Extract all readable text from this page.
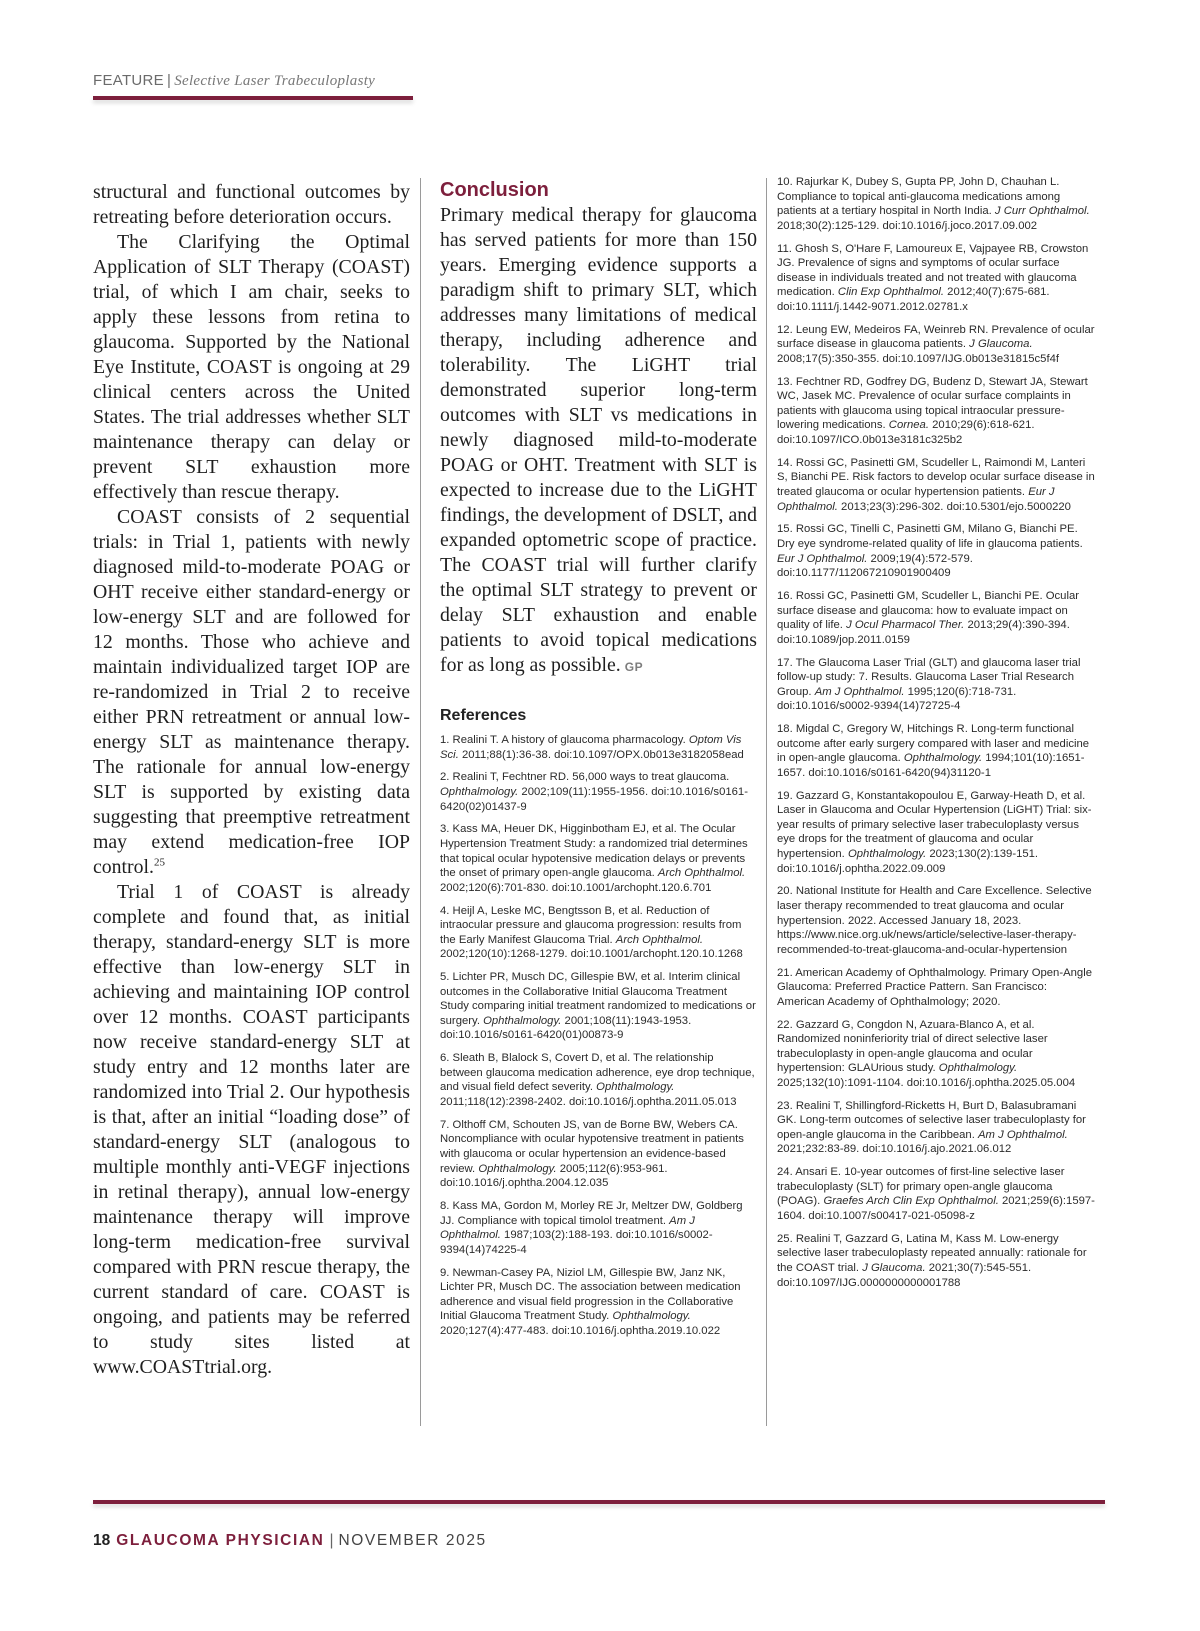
FEATURE | Selective Laser Trabeculoplasty

structural and functional outcomes by retreating before deterioration occurs.

The Clarifying the Optimal Application of SLT Therapy (COAST) trial, of which I am chair, seeks to apply these lessons from retina to glaucoma. Supported by the National Eye Institute, COAST is ongoing at 29 clinical centers across the United States. The trial addresses whether SLT maintenance therapy can delay or prevent SLT exhaustion more effectively than rescue therapy.

COAST consists of 2 sequential trials: in Trial 1, patients with newly diagnosed mild-to-moderate POAG or OHT receive either standard-energy or low-energy SLT and are followed for 12 months. Those who achieve and maintain individualized target IOP are re-randomized in Trial 2 to receive either PRN retreatment or annual low-energy SLT as maintenance therapy. The rationale for annual low-energy SLT is supported by existing data suggesting that preemptive retreatment may extend medication-free IOP control.$^{25}$

Trial 1 of COAST is already complete and found that, as initial therapy, standard-energy SLT is more effective than low-energy SLT in achieving and maintaining IOP control over 12 months. COAST participants now receive standard-energy SLT at study entry and 12 months later are randomized into Trial 2. Our hypothesis is that, after an initial “loading dose” of standard-energy SLT (analogous to multiple monthly anti-VEGF injections in retinal therapy), annual low-energy maintenance therapy will improve long-term medication-free survival compared with PRN rescue therapy, the current standard of care. COAST is ongoing, and patients may be referred to study sites listed at www.COASTtrial.org.

Conclusion

Primary medical therapy for glaucoma has served patients for more than 150 years. Emerging evidence supports a paradigm shift to primary SLT, which addresses many limitations of medical therapy, including adherence and tolerability. The LiGHT trial demonstrated superior long-term outcomes with SLT vs medications in newly diagnosed mild-to-moderate POAG or OHT. Treatment with SLT is expected to increase due to the LiGHT findings, the development of DSLT, and expanded optometric scope of practice. The COAST trial will further clarify the optimal SLT strategy to prevent or delay SLT exhaustion and enable patients to avoid topical medications for as long as possible. GP

References

1. Realini T. A history of glaucoma pharmacology. Optom Vis Sci. 2011;88(1):36-38. doi:10.1097/OPX.0b013e3182058ead

2. Realini T, Fechtner RD. 56,000 ways to treat glaucoma. Ophthalmology. 2002;109(11):1955-1956. doi:10.1016/s0161-6420(02)01437-9

3. Kass MA, Heuer DK, Higginbotham EJ, et al. The Ocular Hypertension Treatment Study: a randomized trial determines that topical ocular hypotensive medication delays or prevents the onset of primary open-angle glaucoma. Arch Ophthalmol. 2002;120(6):701-830. doi:10.1001/archopht.120.6.701

4. Heijl A, Leske MC, Bengtsson B, et al. Reduction of intraocular pressure and glaucoma progression: results from the Early Manifest Glaucoma Trial. Arch Ophthalmol. 2002;120(10):1268-1279. doi:10.1001/archopht.120.10.1268

5. Lichter PR, Musch DC, Gillespie BW, et al. Interim clinical outcomes in the Collaborative Initial Glaucoma Treatment Study comparing initial treatment randomized to medications or surgery. Ophthalmology. 2001;108(11):1943-1953. doi:10.1016/s0161-6420(01)00873-9

6. Sleath B, Blalock S, Covert D, et al. The relationship between glaucoma medication adherence, eye drop technique, and visual field defect severity. Ophthalmology. 2011;118(12):2398-2402. doi:10.1016/j.ophtha.2011.05.013

7. Olthoff CM, Schouten JS, van de Borne BW, Webers CA. Noncompliance with ocular hypotensive treatment in patients with glaucoma or ocular hypertension an evidence-based review. Ophthalmology. 2005;112(6):953-961. doi:10.1016/j.ophtha.2004.12.035

8. Kass MA, Gordon M, Morley RE Jr, Meltzer DW, Goldberg JJ. Compliance with topical timolol treatment. Am J Ophthalmol. 1987;103(2):188-193. doi:10.1016/s0002-9394(14)74225-4

9. Newman-Casey PA, Niziol LM, Gillespie BW, Janz NK, Lichter PR, Musch DC. The association between medication adherence and visual field progression in the Collaborative Initial Glaucoma Treatment Study. Ophthalmology. 2020;127(4):477-483. doi:10.1016/j.ophtha.2019.10.022

10. Rajurkar K, Dubey S, Gupta PP, John D, Chauhan L. Compliance to topical anti-glaucoma medications among patients at a tertiary hospital in North India. J Curr Ophthalmol. 2018;30(2):125-129. doi:10.1016/j.joco.2017.09.002

11. Ghosh S, O'Hare F, Lamoureux E, Vajpayee RB, Crowston JG. Prevalence of signs and symptoms of ocular surface disease in individuals treated and not treated with glaucoma medication. Clin Exp Ophthalmol. 2012;40(7):675-681. doi:10.1111/j.1442-9071.2012.02781.x

12. Leung EW, Medeiros FA, Weinreb RN. Prevalence of ocular surface disease in glaucoma patients. J Glaucoma. 2008;17(5):350-355. doi:10.1097/IJG.0b013e31815c5f4f

13. Fechtner RD, Godfrey DG, Budenz D, Stewart JA, Stewart WC, Jasek MC. Prevalence of ocular surface complaints in patients with glaucoma using topical intraocular pressure-lowering medications. Cornea. 2010;29(6):618-621. doi:10.1097/ICO.0b013e3181c325b2

14. Rossi GC, Pasinetti GM, Scudeller L, Raimondi M, Lanteri S, Bianchi PE. Risk factors to develop ocular surface disease in treated glaucoma or ocular hypertension patients. Eur J Ophthalmol. 2013;23(3):296-302. doi:10.5301/ejo.5000220

15. Rossi GC, Tinelli C, Pasinetti GM, Milano G, Bianchi PE. Dry eye syndrome-related quality of life in glaucoma patients. Eur J Ophthalmol. 2009;19(4):572-579. doi:10.1177/112067210901900409

16. Rossi GC, Pasinetti GM, Scudeller L, Bianchi PE. Ocular surface disease and glaucoma: how to evaluate impact on quality of life. J Ocul Pharmacol Ther. 2013;29(4):390-394. doi:10.1089/jop.2011.0159

17. The Glaucoma Laser Trial (GLT) and glaucoma laser trial follow-up study: 7. Results. Glaucoma Laser Trial Research Group. Am J Ophthalmol. 1995;120(6):718-731. doi:10.1016/s0002-9394(14)72725-4

18. Migdal C, Gregory W, Hitchings R. Long-term functional outcome after early surgery compared with laser and medicine in open-angle glaucoma. Ophthalmology. 1994;101(10):1651-1657. doi:10.1016/s0161-6420(94)31120-1

19. Gazzard G, Konstantakopoulou E, Garway-Heath D, et al. Laser in Glaucoma and Ocular Hypertension (LiGHT) Trial: six-year results of primary selective laser trabeculoplasty versus eye drops for the treatment of glaucoma and ocular hypertension. Ophthalmology. 2023;130(2):139-151. doi:10.1016/j.ophtha.2022.09.009

20. National Institute for Health and Care Excellence. Selective laser therapy recommended to treat glaucoma and ocular hypertension. 2022. Accessed January 18, 2023. https://www.nice.org.uk/news/article/selective-laser-therapy-recommended-to-treat-glaucoma-and-ocular-hypertension

21. American Academy of Ophthalmology. Primary Open-Angle Glaucoma: Preferred Practice Pattern. San Francisco: American Academy of Ophthalmology; 2020.

22. Gazzard G, Congdon N, Azuara-Blanco A, et al. Randomized noninferiority trial of direct selective laser trabeculoplasty in open-angle glaucoma and ocular hypertension: GLAUrious study. Ophthalmology. 2025;132(10):1091-1104. doi:10.1016/j.ophtha.2025.05.004

23. Realini T, Shillingford-Ricketts H, Burt D, Balasubramani GK. Long-term outcomes of selective laser trabeculoplasty for open-angle glaucoma in the Caribbean. Am J Ophthalmol. 2021;232:83-89. doi:10.1016/j.ajo.2021.06.012

24. Ansari E. 10-year outcomes of first-line selective laser trabeculoplasty (SLT) for primary open-angle glaucoma (POAG). Graefes Arch Clin Exp Ophthalmol. 2021;259(6):1597-1604. doi:10.1007/s00417-021-05098-z

25. Realini T, Gazzard G, Latina M, Kass M. Low-energy selective laser trabeculoplasty repeated annually: rationale for the COAST trial. J Glaucoma. 2021;30(7):545-551. doi:10.1097/IJG.0000000000001788

18 GLAUCOMA PHYSICIAN | NOVEMBER 2025
